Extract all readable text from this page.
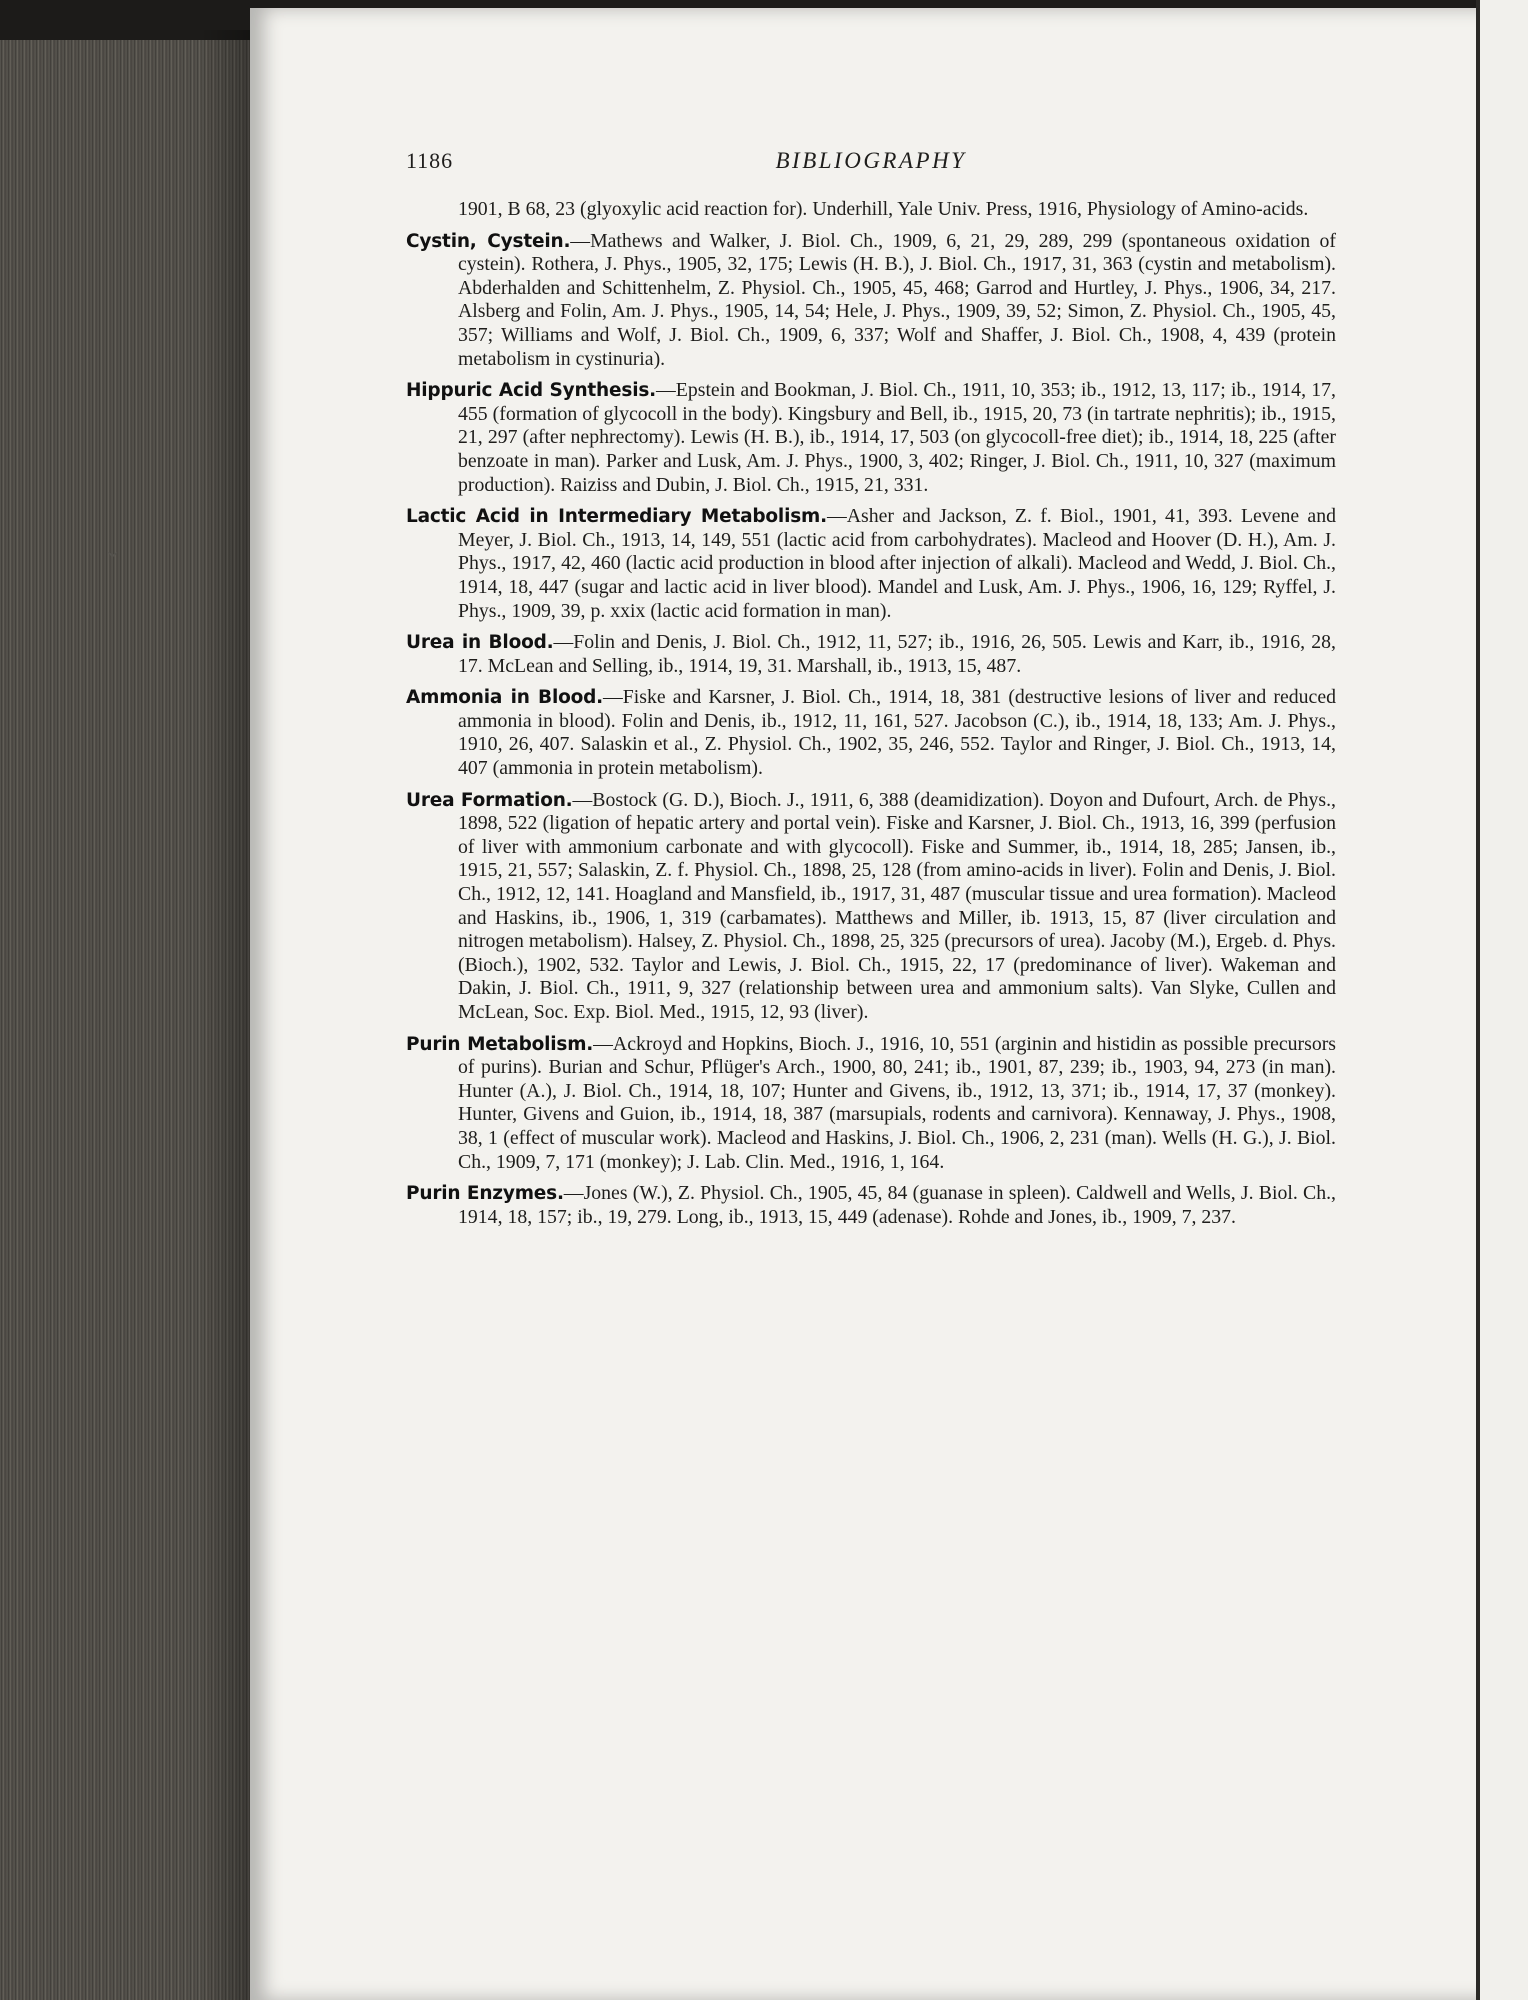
1186	BIBLIOGRAPHY

1901, B 68, 23 (glyoxylic acid reaction for). Underhill, Yale Univ. Press, 1916, Physiology of Amino-acids.

Cystin, Cystein.—Mathews and Walker, J. Biol. Ch., 1909, 6, 21, 29, 289, 299 (spontaneous oxidation of cystein). Rothera, J. Phys., 1905, 32, 175; Lewis (H. B.), J. Biol. Ch., 1917, 31, 363 (cystin and metabolism). Abderhalden and Schittenhelm, Z. Physiol. Ch., 1905, 45, 468; Garrod and Hurtley, J. Phys., 1906, 34, 217. Alsberg and Folin, Am. J. Phys., 1905, 14, 54; Hele, J. Phys., 1909, 39, 52; Simon, Z. Physiol. Ch., 1905, 45, 357; Williams and Wolf, J. Biol. Ch., 1909, 6, 337; Wolf and Shaffer, J. Biol. Ch., 1908, 4, 439 (protein metabolism in cystinuria).

Hippuric Acid Synthesis.—Epstein and Bookman, J. Biol. Ch., 1911, 10, 353; ib., 1912, 13, 117; ib., 1914, 17, 455 (formation of glycocoll in the body). Kingsbury and Bell, ib., 1915, 20, 73 (in tartrate nephritis); ib., 1915, 21, 297 (after nephrectomy). Lewis (H. B.), ib., 1914, 17, 503 (on glycocoll-free diet); ib., 1914, 18, 225 (after benzoate in man). Parker and Lusk, Am. J. Phys., 1900, 3, 402; Ringer, J. Biol. Ch., 1911, 10, 327 (maximum production). Raiziss and Dubin, J. Biol. Ch., 1915, 21, 331.

Lactic Acid in Intermediary Metabolism.—Asher and Jackson, Z. f. Biol., 1901, 41, 393. Levene and Meyer, J. Biol. Ch., 1913, 14, 149, 551 (lactic acid from carbohydrates). Macleod and Hoover (D. H.), Am. J. Phys., 1917, 42, 460 (lactic acid production in blood after injection of alkali). Macleod and Wedd, J. Biol. Ch., 1914, 18, 447 (sugar and lactic acid in liver blood). Mandel and Lusk, Am. J. Phys., 1906, 16, 129; Ryffel, J. Phys., 1909, 39, p. xxix (lactic acid formation in man).

Urea in Blood.—Folin and Denis, J. Biol. Ch., 1912, 11, 527; ib., 1916, 26, 505. Lewis and Karr, ib., 1916, 28, 17. McLean and Selling, ib., 1914, 19, 31. Marshall, ib., 1913, 15, 487.

Ammonia in Blood.—Fiske and Karsner, J. Biol. Ch., 1914, 18, 381 (destructive lesions of liver and reduced ammonia in blood). Folin and Denis, ib., 1912, 11, 161, 527. Jacobson (C.), ib., 1914, 18, 133; Am. J. Phys., 1910, 26, 407. Salaskin et al., Z. Physiol. Ch., 1902, 35, 246, 552. Taylor and Ringer, J. Biol. Ch., 1913, 14, 407 (ammonia in protein metabolism).

Urea Formation.—Bostock (G. D.), Bioch. J., 1911, 6, 388 (deamidization). Doyon and Dufourt, Arch. de Phys., 1898, 522 (ligation of hepatic artery and portal vein). Fiske and Karsner, J. Biol. Ch., 1913, 16, 399 (perfusion of liver with ammonium carbonate and with glycocoll). Fiske and Summer, ib., 1914, 18, 285; Jansen, ib., 1915, 21, 557; Salaskin, Z. f. Physiol. Ch., 1898, 25, 128 (from amino-acids in liver). Folin and Denis, J. Biol. Ch., 1912, 12, 141. Hoagland and Mansfield, ib., 1917, 31, 487 (muscular tissue and urea formation). Macleod and Haskins, ib., 1906, 1, 319 (carbamates). Matthews and Miller, ib. 1913, 15, 87 (liver circulation and nitrogen metabolism). Halsey, Z. Physiol. Ch., 1898, 25, 325 (precursors of urea). Jacoby (M.), Ergeb. d. Phys. (Bioch.), 1902, 532. Taylor and Lewis, J. Biol. Ch., 1915, 22, 17 (predominance of liver). Wakeman and Dakin, J. Biol. Ch., 1911, 9, 327 (relationship between urea and ammonium salts). Van Slyke, Cullen and McLean, Soc. Exp. Biol. Med., 1915, 12, 93 (liver).

Purin Metabolism.—Ackroyd and Hopkins, Bioch. J., 1916, 10, 551 (arginin and histidin as possible precursors of purins). Burian and Schur, Pflüger's Arch., 1900, 80, 241; ib., 1901, 87, 239; ib., 1903, 94, 273 (in man). Hunter (A.), J. Biol. Ch., 1914, 18, 107; Hunter and Givens, ib., 1912, 13, 371; ib., 1914, 17, 37 (monkey). Hunter, Givens and Guion, ib., 1914, 18, 387 (marsupials, rodents and carnivora). Kennaway, J. Phys., 1908, 38, 1 (effect of muscular work). Macleod and Haskins, J. Biol. Ch., 1906, 2, 231 (man). Wells (H. G.), J. Biol. Ch., 1909, 7, 171 (monkey); J. Lab. Clin. Med., 1916, 1, 164.

Purin Enzymes.—Jones (W.), Z. Physiol. Ch., 1905, 45, 84 (guanase in spleen). Caldwell and Wells, J. Biol. Ch., 1914, 18, 157; ib., 19, 279. Long, ib., 1913, 15, 449 (adenase). Rohde and Jones, ib., 1909, 7, 237.

ˇ
